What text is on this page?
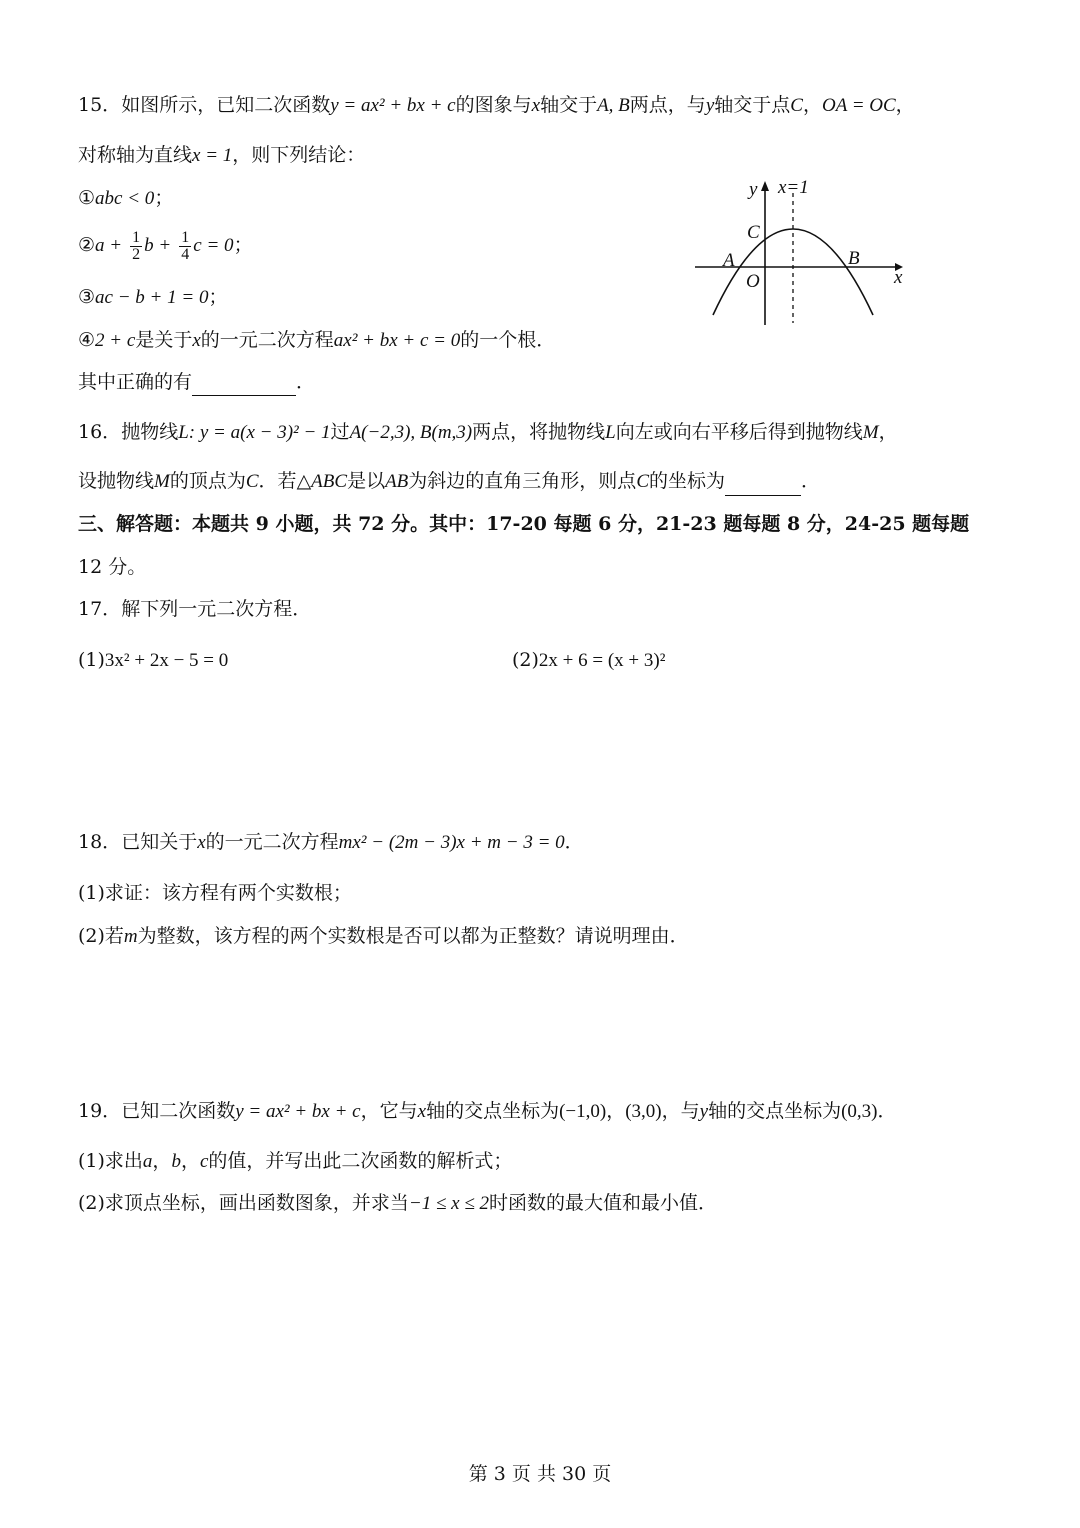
15．如图所示，已知二次函数y = ax² + bx + c的图象与x轴交于A, B两点，与y轴交于点C，OA = OC，
对称轴为直线x = 1，则下列结论：
①abc < 0；
②a + $\frac{1}{2}$ $b + \frac{1}{4}$ c = 0；
③ac − b + 1 = 0；
④2 + c是关于x的一元二次方程ax² + bx + c = 0的一个根．
其中正确的有	．
y x=1
C
A	B
O	x
16．抛物线L: y = a(x − 3)² − 1过A(−2,3), B(m,3)两点，将抛物线L向左或向右平移后得到抛物线M，
设抛物线M的顶点为C．若△ABC是以AB为斜边的直角三角形，则点C的坐标为	．
三、解答题：本题共 9 小题，共 72 分。其中：17-20 每题 6 分，21-23 题每题 8 分，24-25 题每题
12 分。
17．解下列一元二次方程．
(1)3x² + 2x − 5 = 0	(2)2x + 6 = (x + 3)²
18．已知关于x的一元二次方程mx² − (2m − 3)x + m − 3 = 0．
(1)求证：该方程有两个实数根；
(2)若m为整数，该方程的两个实数根是否可以都为正整数？请说明理由．
19．已知二次函数y = ax² + bx + c，它与x轴的交点坐标为(−1,0)，(3,0)，与y轴的交点坐标为(0,3)．
(1)求出a，b，c的值，并写出此二次函数的解析式；
(2)求顶点坐标，画出函数图象，并求当−1 ≤ x ≤ 2时函数的最大值和最小值．
第 3 页 共 30 页
